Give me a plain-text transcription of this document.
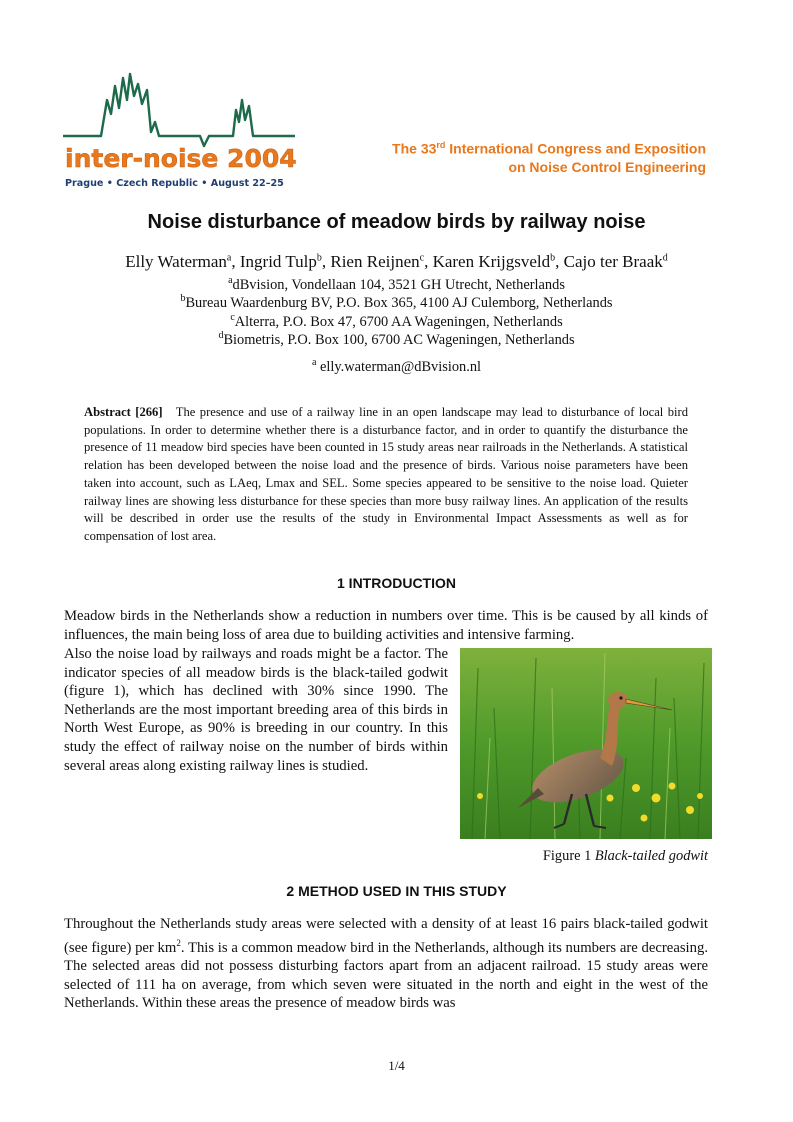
inter-noise 2004
Prague • Czech Republic • August 22–25
The 33rd International Congress and Exposition
on Noise Control Engineering
Noise disturbance of meadow birds by railway noise
Elly Waterman$^a$, Ingrid Tulp$^b$, Rien Reijnen$^c$, Karen Krijgsveld$^b$, Cajo ter Braak$^d$
$^a$dBvision, Vondellaan 104, 3521 GH Utrecht, Netherlands
$^b$Bureau Waardenburg BV, P.O. Box 365, 4100 AJ Culemborg, Netherlands
$^c$Alterra, P.O. Box 47, 6700 AA Wageningen, Netherlands
$^d$Biometris, P.O. Box 100, 6700 AC Wageningen, Netherlands
$^a$ elly.waterman@dBvision.nl
Abstract [266] The presence and use of a railway line in an open landscape may lead to disturbance of local bird populations. In order to determine whether there is a disturbance factor, and in order to quantify the disturbance the presence of 11 meadow bird species have been counted in 15 study areas near railroads in the Netherlands. A statistical relation has been developed between the noise load and the presence of birds. Various noise parameters have been taken into account, such as LAeq, Lmax and SEL. Some species appeared to be sensitive to the noise load. Quieter railway lines are showing less disturbance for these species than more busy railway lines. An application of the results will be described in order use the results of the study in Environmental Impact Assessments as well as for compensation of lost area.
1 INTRODUCTION
Meadow birds in the Netherlands show a reduction in numbers over time. This is be caused by all kinds of influences, the main being loss of area due to building activities and intensive farming.
Also the noise load by railways and roads might be a factor. The indicator species of all meadow birds is the black-tailed godwit (figure 1), which has declined with 30% since 1990. The Netherlands are the most important breeding area of this birds in North West Europe, as 90% is breeding in our country. In this study the effect of railway noise on the number of birds within several areas along existing railway lines is studied.
Figure 1 Black-tailed godwit
2 METHOD USED IN THIS STUDY
Throughout the Netherlands study areas were selected with a density of at least 16 pairs black-tailed godwit (see figure) per $km^2$. This is a common meadow bird in the Netherlands, although its numbers are decreasing. The selected areas did not possess disturbing factors apart from an adjacent railroad. 15 study areas were selected of 111 ha on average, from which seven were situated in the north and eight in the west of the Netherlands. Within these areas the presence of meadow birds was
1/4
